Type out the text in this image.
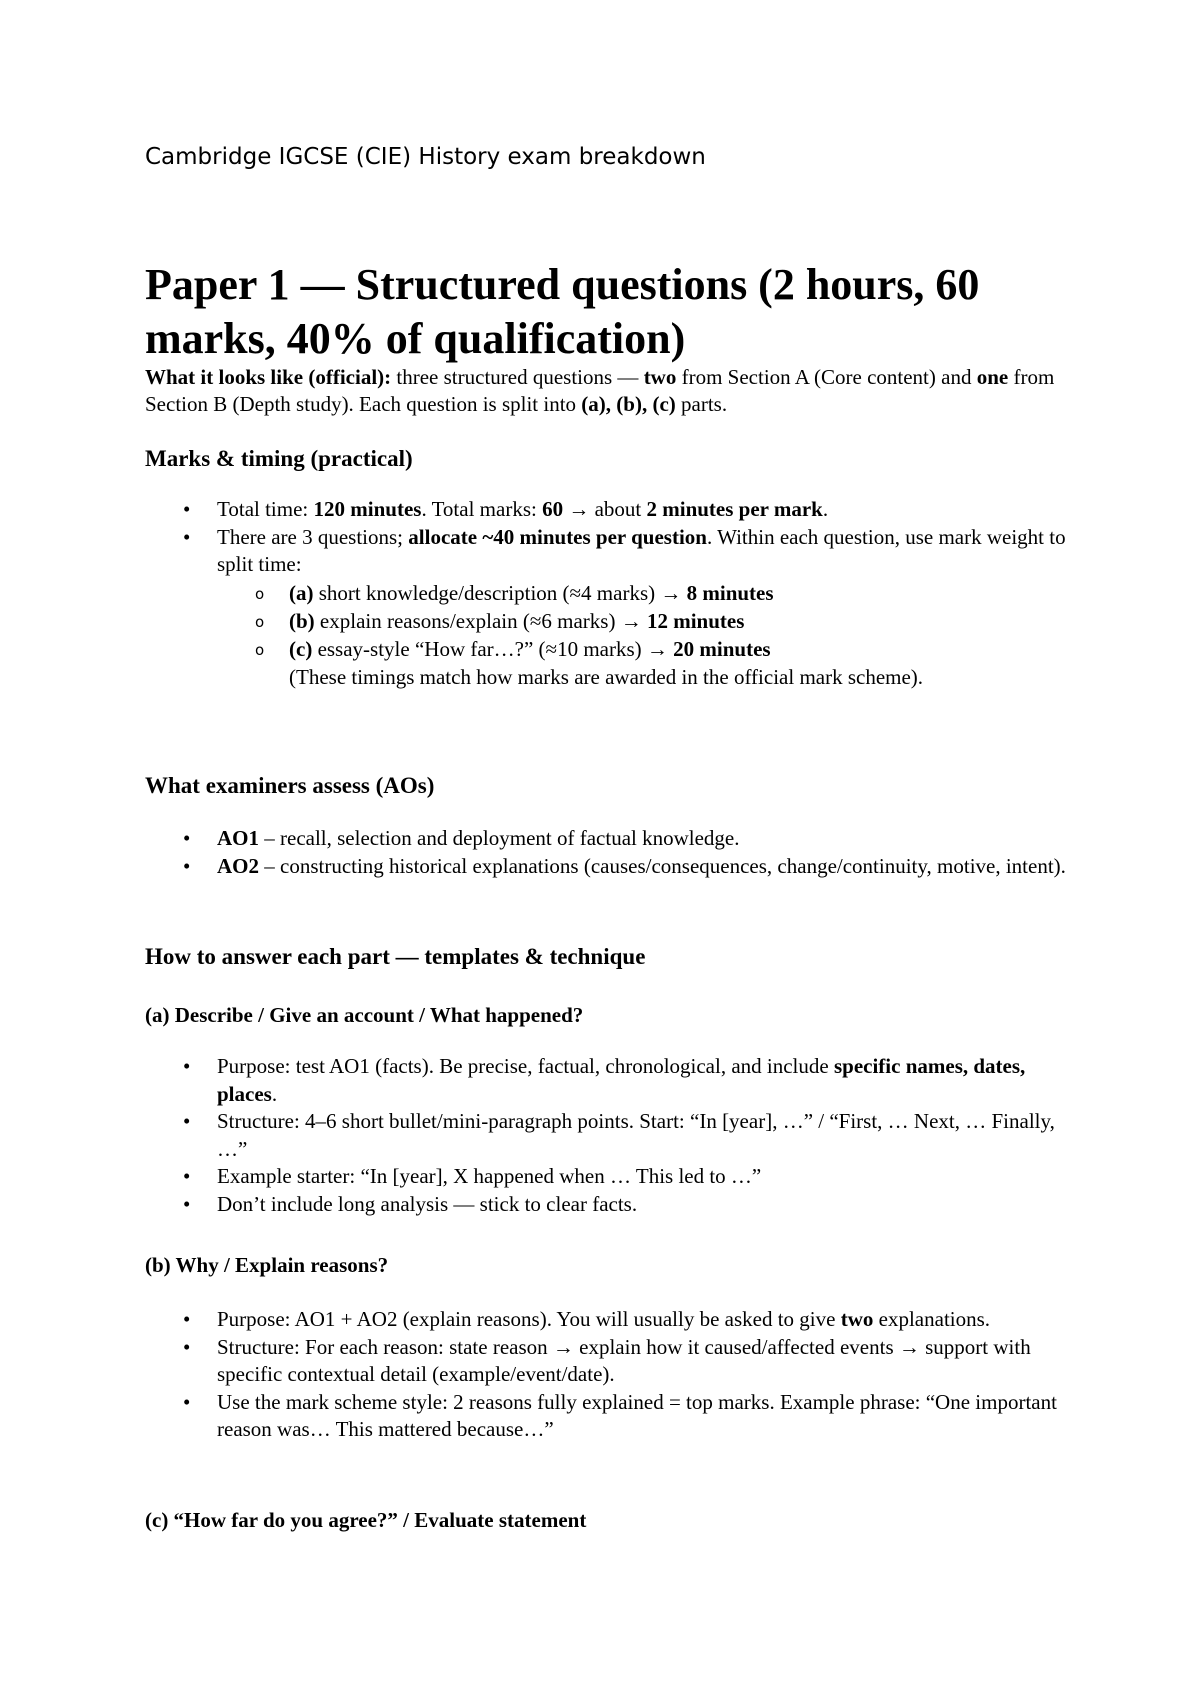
Cambridge IGCSE (CIE) History exam breakdown
Paper 1 — Structured questions (2 hours, 60 marks, 40% of qualification)

What it looks like (official): three structured questions — two from Section A (Core content) and one from Section B (Depth study). Each question is split into (a), (b), (c) parts.

Marks & timing (practical)
• Total time: 120 minutes. Total marks: 60 → about 2 minutes per mark.
• There are 3 questions; allocate ~40 minutes per question. Within each question, use mark weight to split time:
o (a) short knowledge/description (≈4 marks) → 8 minutes
o (b) explain reasons/explain (≈6 marks) → 12 minutes
o (c) essay-style “How far…?” (≈10 marks) → 20 minutes
(These timings match how marks are awarded in the official mark scheme).
What examiners assess (AOs)
• AO1 – recall, selection and deployment of factual knowledge.
• AO2 – constructing historical explanations (causes/consequences, change/continuity, motive, intent).
How to answer each part — templates & technique
(a) Describe / Give an account / What happened?
• Purpose: test AO1 (facts). Be precise, factual, chronological, and include specific names, dates, places.
• Structure: 4–6 short bullet/mini-paragraph points. Start: “In [year], …” / “First, … Next, … Finally, …”
• Example starter: “In [year], X happened when … This led to …”
• Don’t include long analysis — stick to clear facts.
(b) Why / Explain reasons?
• Purpose: AO1 + AO2 (explain reasons). You will usually be asked to give two explanations.
• Structure: For each reason: state reason → explain how it caused/affected events → support with specific contextual detail (example/event/date).
• Use the mark scheme style: 2 reasons fully explained = top marks. Example phrase: “One important reason was… This mattered because…”
(c) “How far do you agree?” / Evaluate statement
